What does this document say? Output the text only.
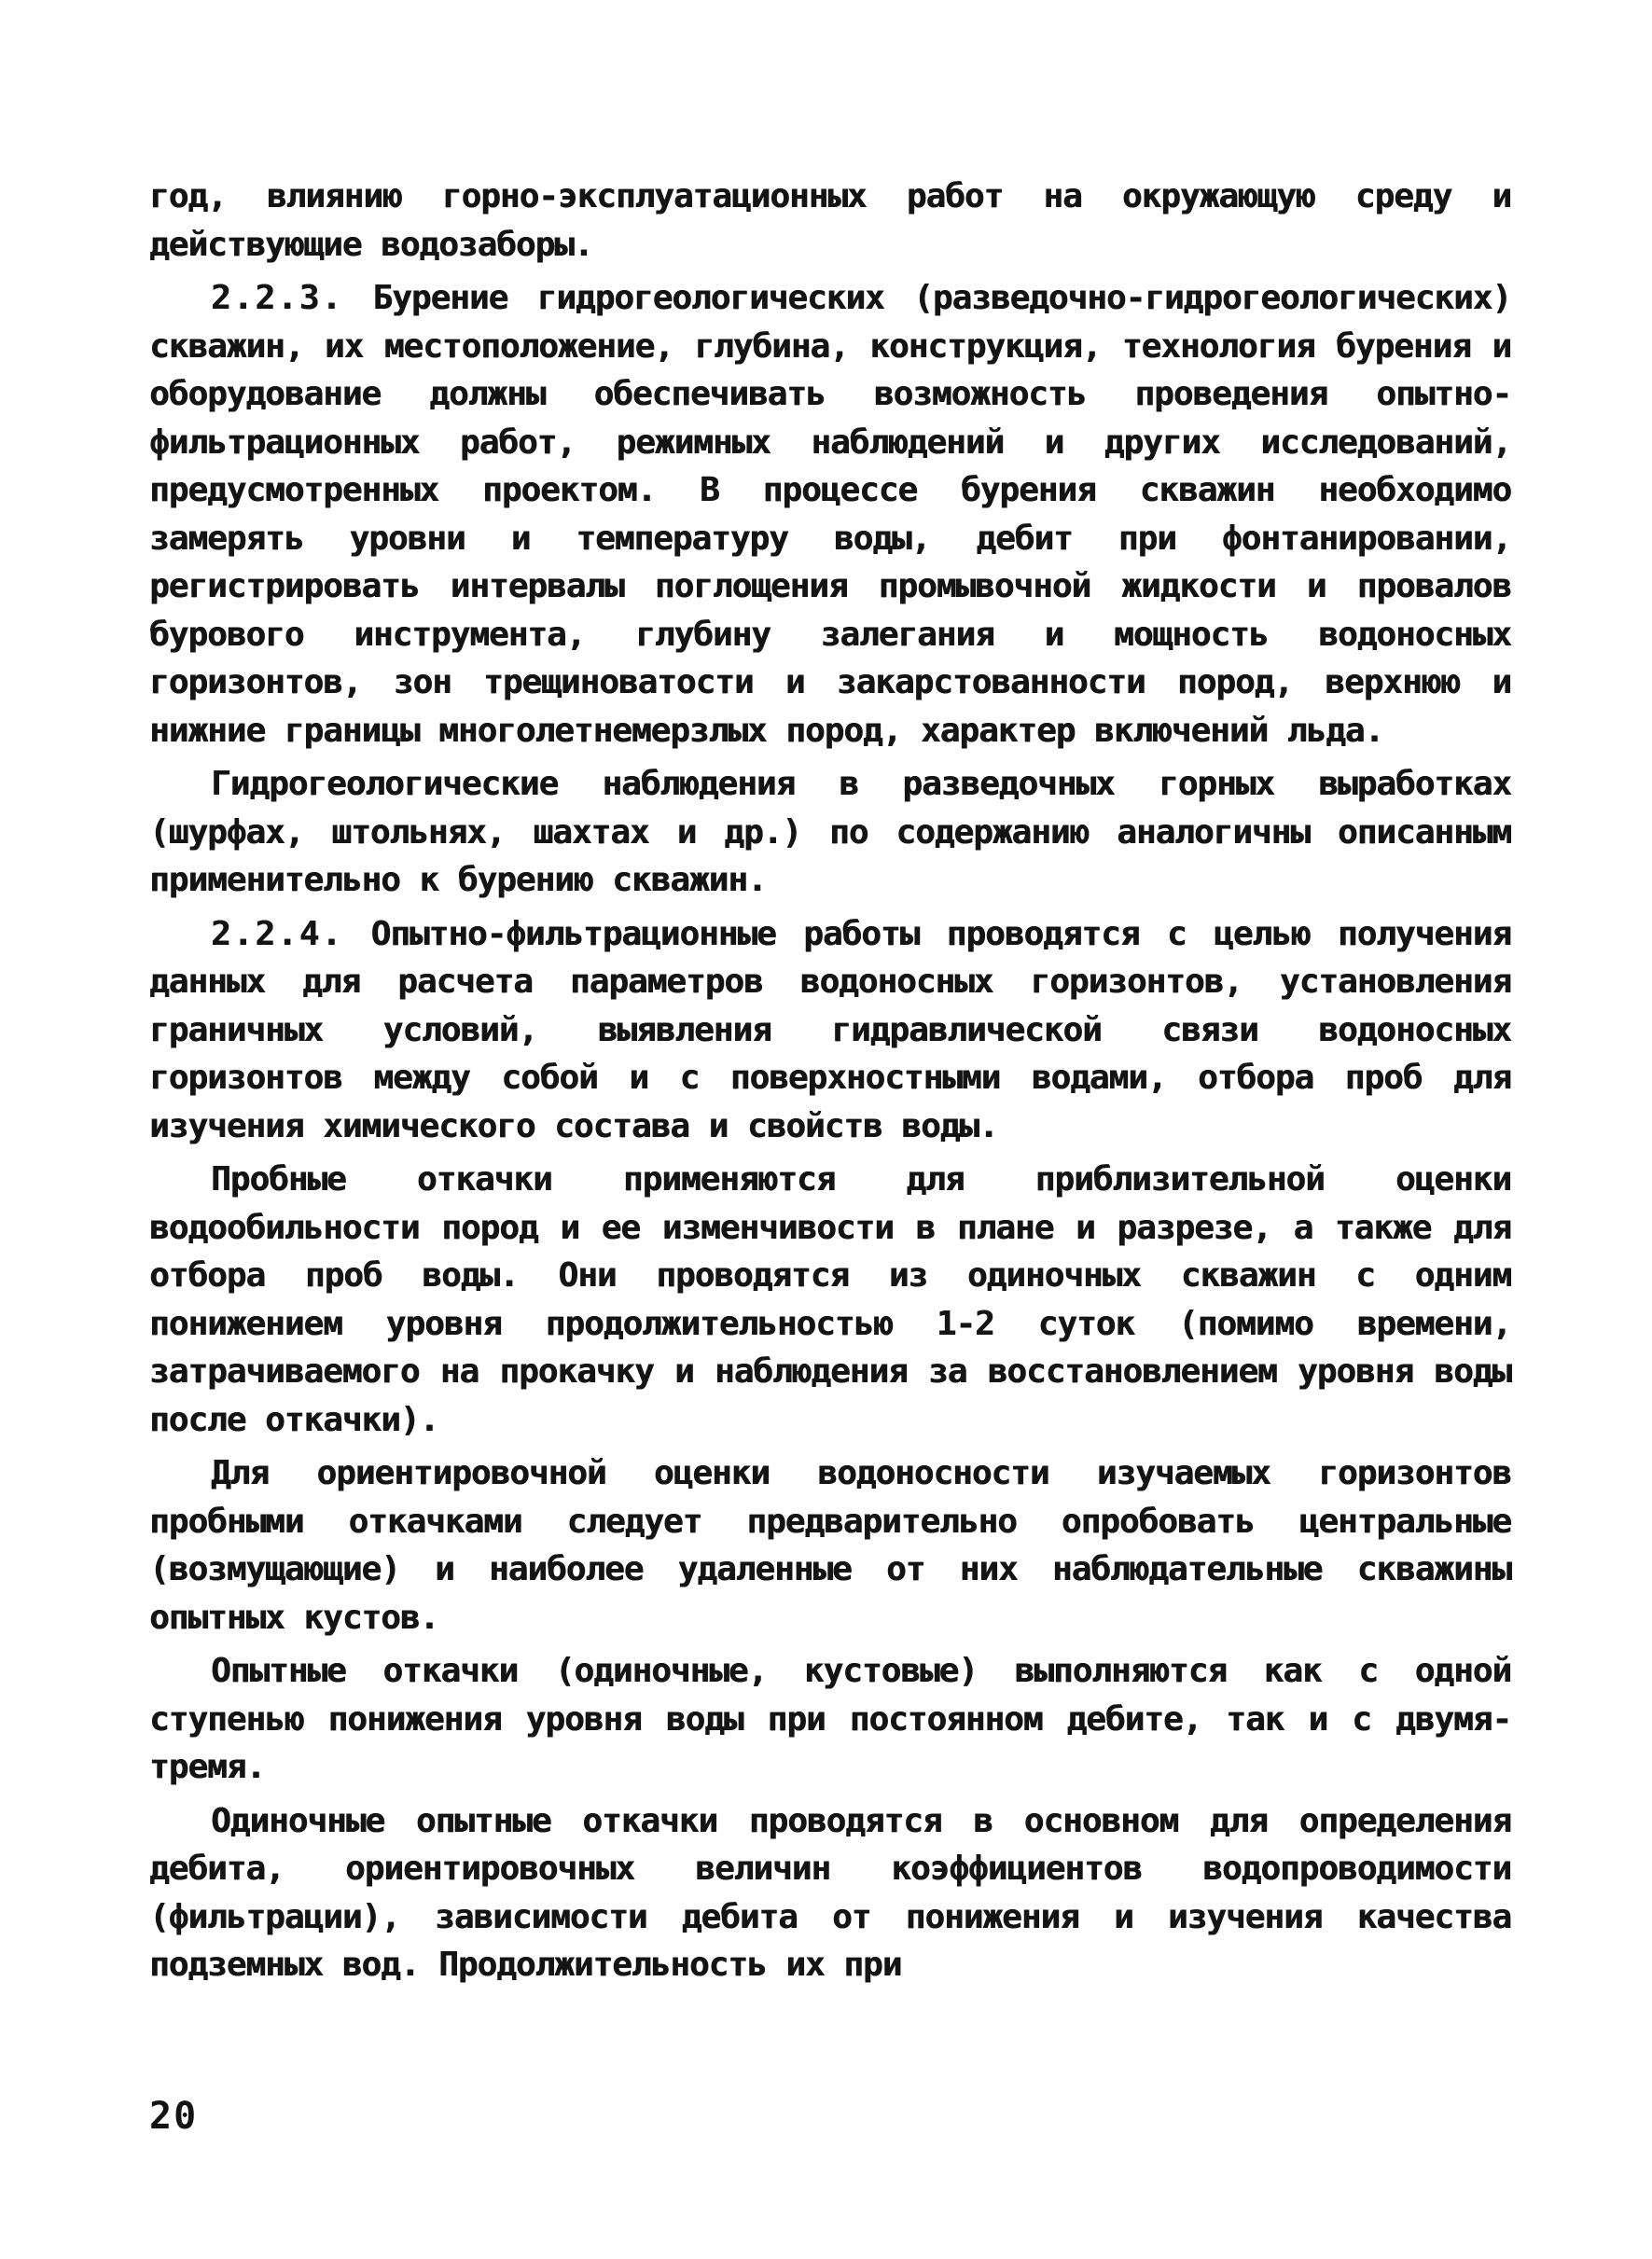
год, влиянию горно-эксплуатационных работ на окружающую среду и действующие водозаборы.

2.2.3. Бурение гидрогеологических (разведочно-гидрогеологических) скважин, их местоположение, глубина, конструкция, технология бурения и оборудование должны обеспечивать возможность проведения опытно-фильтрационных работ, режимных наблюдений и других исследований, предусмотренных проектом. В процессе бурения скважин необходимо замерять уровни и температуру воды, дебит при фонтанировании, регистрировать интервалы поглощения промывочной жидкости и провалов бурового инструмента, глубину залегания и мощность водоносных горизонтов, зон трещиноватости и закарстованности пород, верхнюю и нижние границы многолетнемерзлых пород, характер включений льда.

Гидрогеологические наблюдения в разведочных горных выработках (шурфах, штольнях, шахтах и др.) по содержанию аналогичны описанным применительно к бурению скважин.

2.2.4. Опытно-фильтрационные работы проводятся с целью получения данных для расчета параметров водоносных горизонтов, установления граничных условий, выявления гидравлической связи водоносных горизонтов между собой и с поверхностными водами, отбора проб для изучения химического состава и свойств воды.

Пробные откачки применяются для приблизительной оценки водообильности пород и ее изменчивости в плане и разрезе, а также для отбора проб воды. Они проводятся из одиночных скважин с одним понижением уровня продолжительностью 1-2 суток (помимо времени, затрачиваемого на прокачку и наблюдения за восстановлением уровня воды после откачки).

Для ориентировочной оценки водоносности изучаемых горизонтов пробными откачками следует предварительно опробовать центральные (возмущающие) и наиболее удаленные от них наблюдательные скважины опытных кустов.

Опытные откачки (одиночные, кустовые) выполняются как с одной ступенью понижения уровня воды при постоянном дебите, так и с двумя-тремя.

Одиночные опытные откачки проводятся в основном для определения дебита, ориентировочных величин коэффициентов водопроводимости (фильтрации), зависимости дебита от понижения и изучения качества подземных вод. Продолжительность их при

20
